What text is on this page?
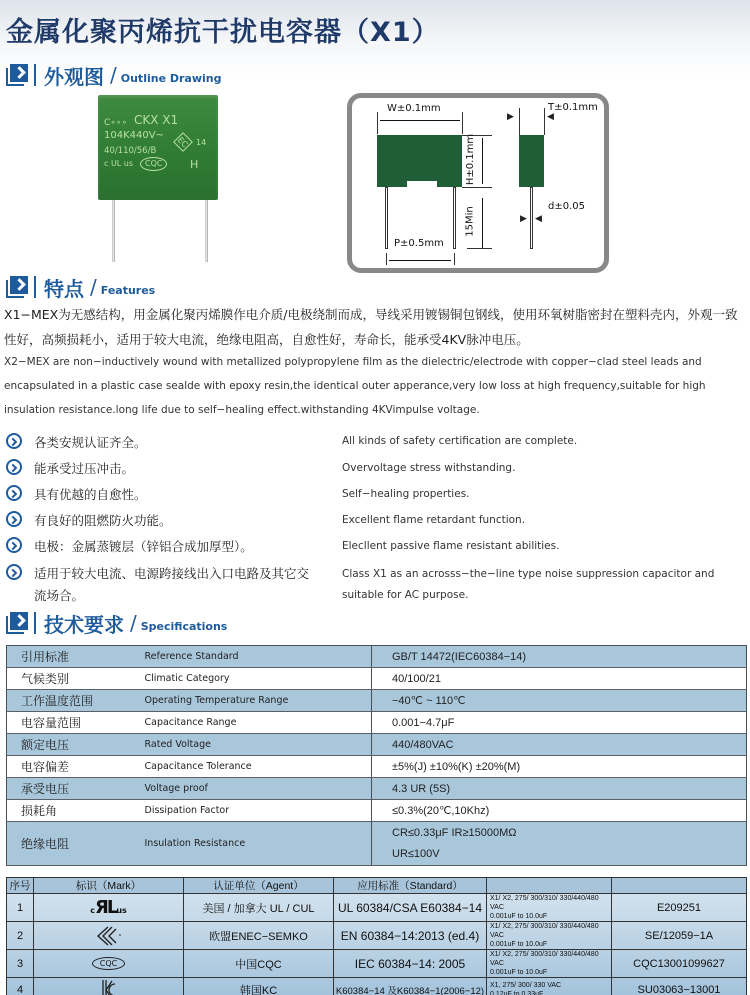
金属化聚丙烯抗干扰电容器（X1）
外观图 / Outline Drawing
C∘∘∘ CKX X1
104K440V~
40/110/56/B
c UL us	CQC
EC 14
H
W±0.1mm
H±0.1mm
15Min
P±0.5mm
T±0.1mm
▶	◀
d±0.05
▶ ◀
特点 / Features
X1−MEX为无感结构，用金属化聚丙烯膜作电介质/电极绕制而成，导线采用镀锡铜包钢线，使用环氧树脂密封在塑料壳内，外观一致性好，高频损耗小，适用于较大电流，绝缘电阻高，自愈性好，寿命长，能承受4KV脉冲电压。
X2−MEX are non−inductively wound with metallized polypropylene film as the dielectric/electrode with copper−clad steel leads and encapsulated in a plastic case sealde with epoxy resin,the identical outer apperance,very low loss at high frequency,suitable for high insulation resistance.long life due to self−healing effect.withstanding 4KVimpulse voltage.
各类安规认证齐全。	All kinds of safety certification are complete.
能承受过压冲击。	Overvoltage stress withstanding.
具有优越的自愈性。	Self−healing properties.
有良好的阻燃防火功能。	Excellent flame retardant function.
电极：金属蒸镀层（锌铝合成加厚型）。	Elecllent passive flame resistant abilities.
适用于较大电流、电源跨接线出入口电路及其它交流场合。
Class X1 as an acrosss−the−line type noise suppression capacitor and suitable for AC purpose.
技术要求 / Specifications
引用标准	Reference Standard	GB/T 14472(IEC60384−14)
气候类别	Climatic Category	40/100/21
工作温度范围	Operating Temperature Range	−40℃ ~ 110℃
电容量范围	Capacitance Range	0.001−4.7μF
额定电压	Rated Voltage	440/480VAC
电容偏差	Capacitance Tolerance	±5%(J) ±10%(K) ±20%(M)
承受电压	Voltage proof	4.3 UR (5S)
损耗角	Dissipation Factor	≤0.3%(20℃,10Khz)
绝缘电阻	Insulation Resistance	CR≤0.33μF IR≥15000MΩ
UR≤100V
序号	标识（Mark）	认证单位（Agent）	应用标准（Standard）		
1	cЯLus	美国 / 加拿大 UL / CUL	UL 60384/CSA E60384−14	X1/ X2, 275/ 300/310/ 330/440/480 VAC
0.001uF to 10.0uF	E209251
2		欧盟ENEC−SEMKO	EN 60384−14:2013 (ed.4)	X1/ X2, 275/ 300/310/ 330/440/480 VAC
0.001uF to 10.0uF	SE/12059−1A
3	CQC	中国CQC	IEC 60384−14: 2005	X1/ X2, 275/ 300/310/ 330/440/480 VAC
0.001uF to 10.0uF	CQC13001099627
4		韩国KC	K60384−14 及K60384−1(2006−12)	X1, 275/ 300/ 330 VAC
0.12uF to 0.33uF	SU03063−13001
